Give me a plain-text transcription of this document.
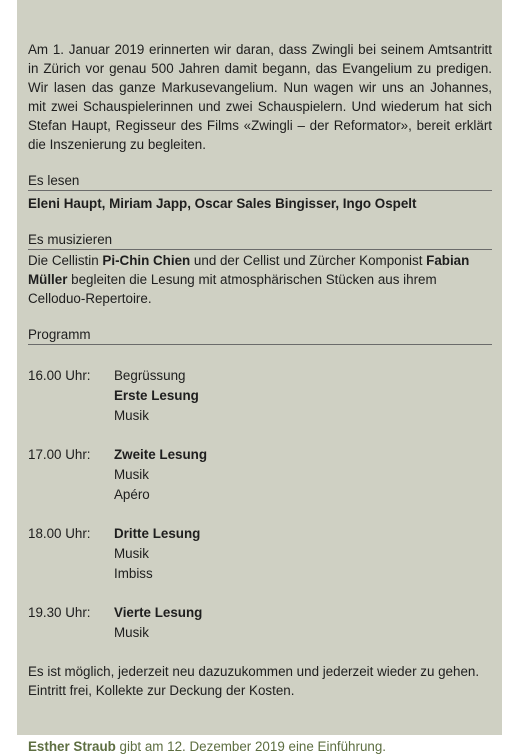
Am 1. Januar 2019 erinnerten wir daran, dass Zwingli bei seinem Amtsantritt in Zürich vor genau 500 Jahren damit begann, das Evangelium zu predigen. Wir lasen das ganze Markusevangelium. Nun wagen wir uns an Johannes, mit zwei Schauspielerinnen und zwei Schauspielern. Und wiederum hat sich Stefan Haupt, Regisseur des Films «Zwingli – der Reformator», bereit erklärt die Inszenierung zu begleiten.

Es lesen
Eleni Haupt, Miriam Japp, Oscar Sales Bingisser, Ingo Ospelt
Es musizieren

Die Cellistin Pi-Chin Chien und der Cellist und Zürcher Komponist Fabian Müller begleiten die Lesung mit atmosphärischen Stücken aus ihrem Celloduo-Repertoire.

Programm
16.00 Uhr:	Begrüssung
Erste Lesung
Musik
17.00 Uhr:	Zweite Lesung
Musik
Apéro
18.00 Uhr:	Dritte Lesung
Musik
Imbiss
19.30 Uhr:	Vierte Lesung
Musik
Es ist möglich, jederzeit neu dazuzukommen und jederzeit wieder zu gehen.
Eintritt frei, Kollekte zur Deckung der Kosten.
Esther Straub gibt am 12. Dezember 2019 eine Einführung.
